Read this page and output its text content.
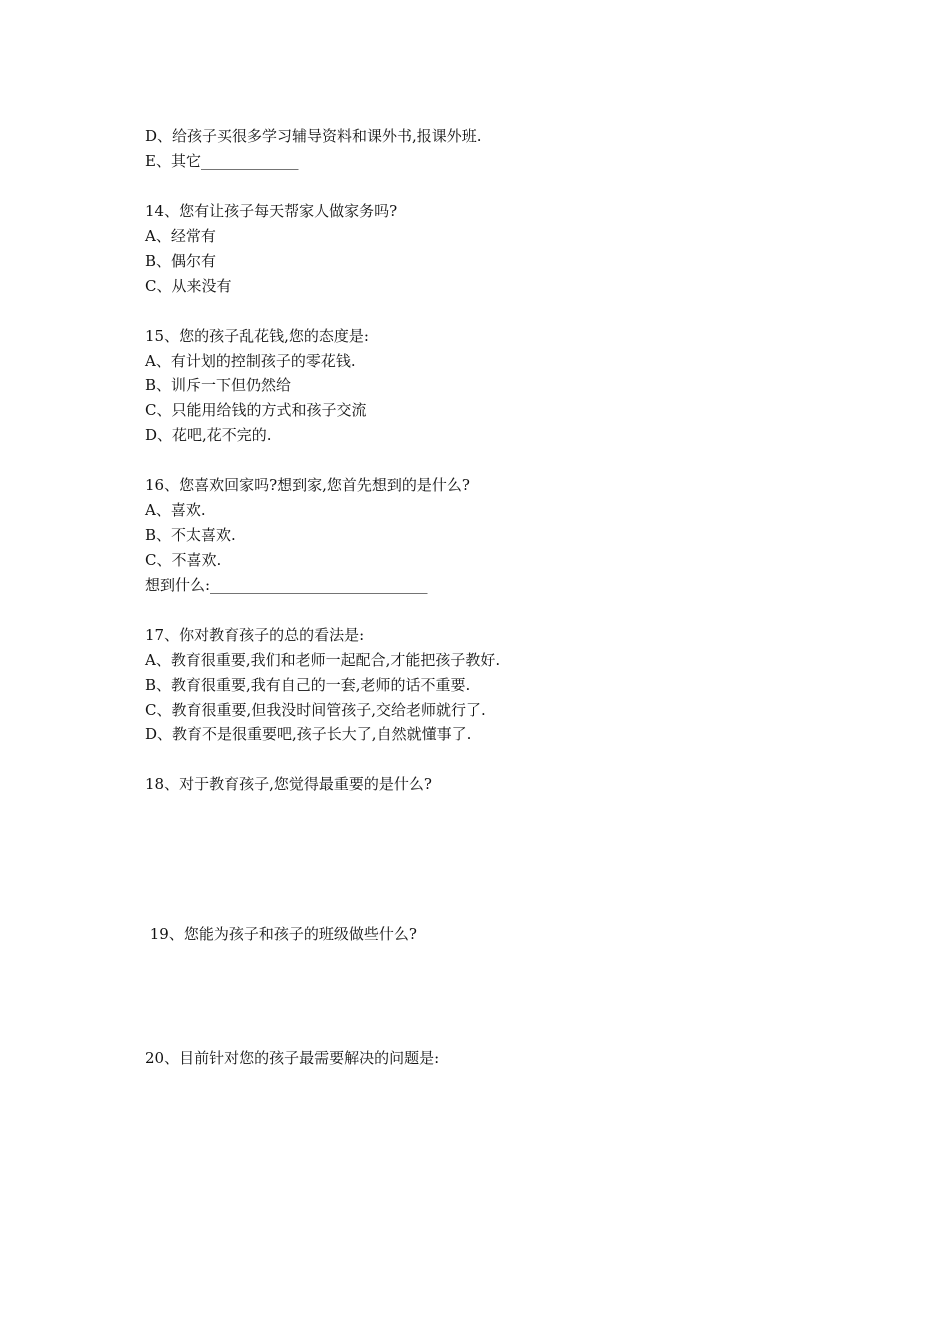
D、给孩子买很多学习辅导资料和课外书,报课外班.

E、其它_____________

14、您有让孩子每天帮家人做家务吗?

A、经常有

B、偶尔有

C、从来没有

15、您的孩子乱花钱,您的态度是:

A、有计划的控制孩子的零花钱.

B、训斥一下但仍然给

C、只能用给钱的方式和孩子交流

D、花吧,花不完的.

16、您喜欢回家吗?想到家,您首先想到的是什么?

A、喜欢.

B、不太喜欢.

C、不喜欢.

想到什么:_____________________________

17、你对教育孩子的总的看法是:

A、教育很重要,我们和老师一起配合,才能把孩子教好.

B、教育很重要,我有自己的一套,老师的话不重要.

C、教育很重要,但我没时间管孩子,交给老师就行了.

D、教育不是很重要吧,孩子长大了,自然就懂事了.

18、对于教育孩子,您觉得最重要的是什么?

19、您能为孩子和孩子的班级做些什么?

20、目前针对您的孩子最需要解决的问题是:
